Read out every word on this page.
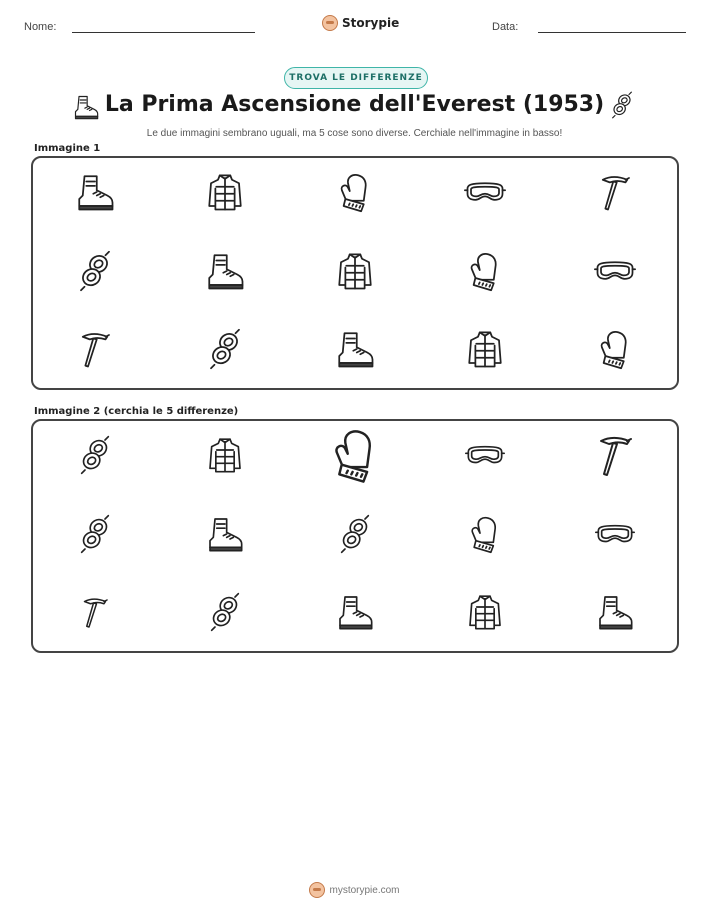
Nome:	Storypie	Data:
TROVA LE DIFFERENZE
La Prima Ascensione dell'Everest (1953)
Le due immagini sembrano uguali, ma 5 cose sono diverse. Cerchiale nell'immagine in basso!
Immagine 1
Immagine 2 (cerchia le 5 differenze)
mystorypie.com
